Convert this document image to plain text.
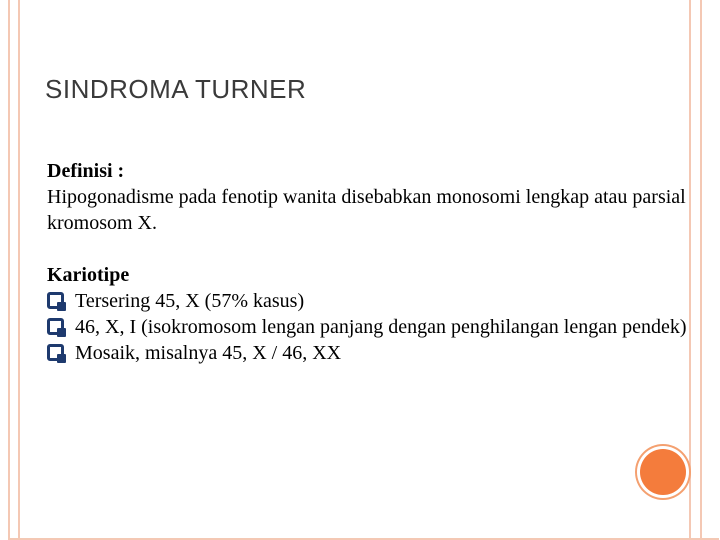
SINDROMA TURNER

Definisi :

Hipogonadisme pada fenotip wanita disebabkan monosomi lengkap atau parsial kromosom X.

Kariotipe

Tersering 45, X (57% kasus)
46, X, I (isokromosom lengan panjang dengan penghilangan lengan pendek)
Mosaik, misalnya 45, X / 46, XX
